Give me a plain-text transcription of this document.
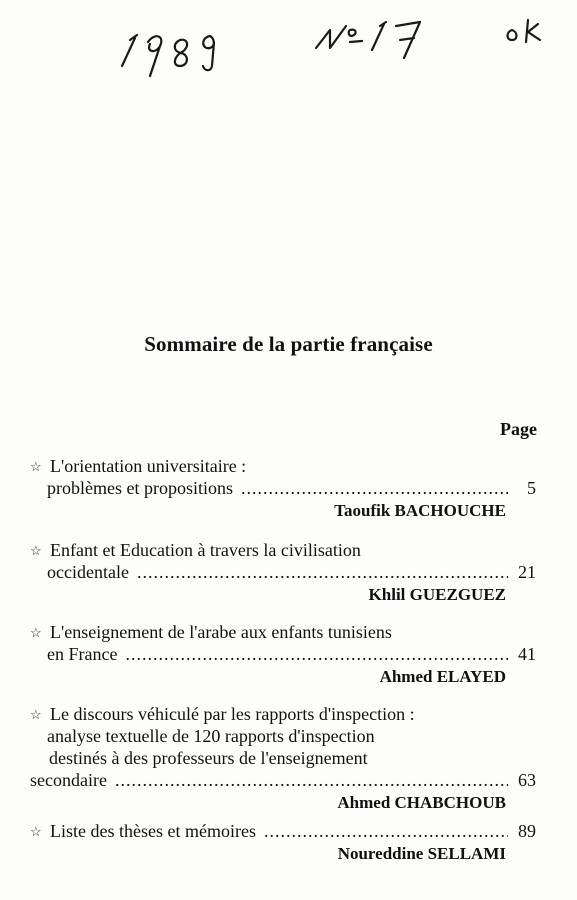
Sommaire de la partie française
Page
☆ L'orientation universitaire :
problèmes et propositions .....	5
Taoufik BACHOUCHE
☆ Enfant et Education à travers la civilisation
occidentale .....	21
Khlil GUEZGUEZ
☆ L'enseignement de l'arabe aux enfants tunisiens
en France .....	41
Ahmed ELAYED
☆ Le discours véhiculé par les rapports d'inspection :
analyse textuelle de 120 rapports d'inspection
destinés à des professeurs de l'enseignement
secondaire .....	63
Ahmed CHABCHOUB
☆ Liste des thèses et mémoires .....	89
Noureddine SELLAMI
